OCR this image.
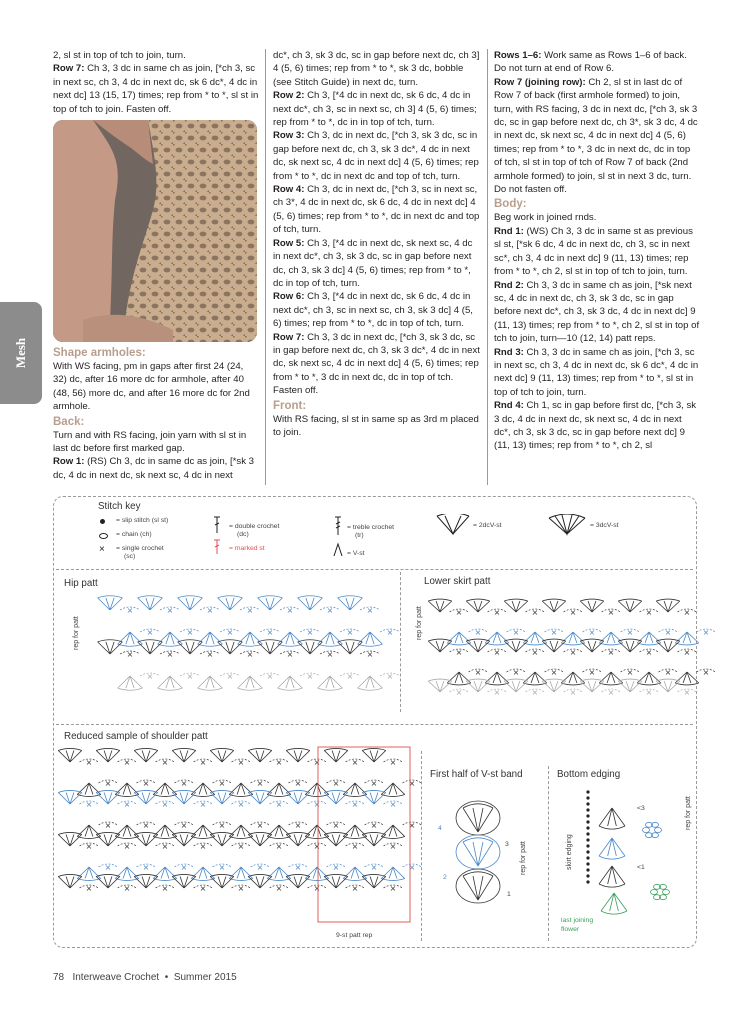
Mesh

2, sl st in top of tch to join, turn.

Row 7: Ch 3, 3 dc in same ch as join, [*ch 3, sc in next sc, ch 3, 4 dc in next dc, sk 6 dc*, 4 dc in next dc] 13 (15, 17) times; rep from * to *, sl st in top of tch to join. Fasten off.

Shape armholes:

With WS facing, pm in gaps after first 24 (24, 32) dc, after 16 more dc for armhole, after 40 (48, 56) more dc, and after 16 more dc for 2nd armhole.

Back:

Turn and with RS facing, join yarn with sl st in last dc before first marked gap.

Row 1: (RS) Ch 3, dc in same dc as join, [*sk 3 dc, 4 dc in next dc, sk next sc, 4 dc in next

dc*, ch 3, sk 3 dc, sc in gap before next dc, ch 3] 4 (5, 6) times; rep from * to *, sk 3 dc, bobble (see Stitch Guide) in next dc, turn.

Row 2: Ch 3, [*4 dc in next dc, sk 6 dc, 4 dc in next dc*, ch 3, sc in next sc, ch 3] 4 (5, 6) times; rep from * to *, dc in in top of tch, turn.

Row 3: Ch 3, dc in next dc, [*ch 3, sk 3 dc, sc in gap before next dc, ch 3, sk 3 dc*, 4 dc in next dc, sk next sc, 4 dc in next dc] 4 (5, 6) times; rep from * to *, dc in next dc and top of tch, turn.

Row 4: Ch 3, dc in next dc, [*ch 3, sc in next sc, ch 3*, 4 dc in next dc, sk 6 dc, 4 dc in next dc] 4 (5, 6) times; rep from * to *, dc in next dc and top of tch, turn.

Row 5: Ch 3, [*4 dc in next dc, sk next sc, 4 dc in next dc*, ch 3, sk 3 dc, sc in gap before next dc, ch 3, sk 3 dc] 4 (5, 6) times; rep from * to *, dc in top of tch, turn.

Row 6: Ch 3, [*4 dc in next dc, sk 6 dc, 4 dc in next dc*, ch 3, sc in next sc, ch 3, sk 3 dc] 4 (5, 6) times; rep from * to *, dc in top of tch, turn.

Row 7: Ch 3, 3 dc in next dc, [*ch 3, sk 3 dc, sc in gap before next dc, ch 3, sk 3 dc*, 4 dc in next dc, sk next sc, 4 dc in next dc] 4 (5, 6) times; rep from * to *, 3 dc in next dc, dc in top of tch. Fasten off.

Front:

With RS facing, sl st in same sp as 3rd m placed to join.

Rows 1–6: Work same as Rows 1–6 of back. Do not turn at end of Row 6.

Row 7 (joining row): Ch 2, sl st in last dc of Row 7 of back (first armhole formed) to join, turn, with RS facing, 3 dc in next dc, [*ch 3, sk 3 dc, sc in gap before next dc, ch 3*, sk 3 dc, 4 dc in next dc, sk next sc, 4 dc in next dc] 4 (5, 6) times; rep from * to *, 3 dc in next dc, dc in top of tch, sl st in top of tch of Row 7 of back (2nd armhole formed) to join, sl st in next 3 dc, turn. Do not fasten off.

Body:

Beg work in joined rnds.

Rnd 1: (WS) Ch 3, 3 dc in same st as previous sl st, [*sk 6 dc, 4 dc in next dc, ch 3, sc in next sc*, ch 3, 4 dc in next dc] 9 (11, 13) times; rep from * to *, ch 2, sl st in top of tch to join, turn.

Rnd 2: Ch 3, 3 dc in same ch as join, [*sk next sc, 4 dc in next dc, ch 3, sk 3 dc, sc in gap before next dc*, ch 3, sk 3 dc, 4 dc in next dc] 9 (11, 13) times; rep from * to *, ch 2, sl st in top of tch to join, turn—10 (12, 14) patt reps.

Rnd 3: Ch 3, 3 dc in same ch as join, [*ch 3, sc in next sc, ch 3, 4 dc in next dc, sk 6 dc*, 4 dc in next dc] 9 (11, 13) times; rep from * to *, sl st in top of tch to join, turn.

Rnd 4: Ch 1, sc in gap before first dc, [*ch 3, sk 3 dc, 4 dc in next dc, sk next sc, 4 dc in next dc*, ch 3, sk 3 dc, sc in gap before next dc] 9 (11, 13) times; rep from * to *, ch 2, sl

Stitch key
= slip stitch (sl st)
= chain (ch)
× = single crochet
(sc)
= double crochet
(dc)
= marked st
= treble crochet
(tr)
= V-st
= 2dcV-st	= 3dcV-st
Hip patt	Lower skirt patt
Reduced sample of shoulder patt
First half of V-st band	Bottom edging
rep for patt	rep for patt
rep for patt
rep for patt
skirt edging
9-st patt rep
last joining
flower
4
3
2
1
<3
<1
×	×	×	×	×	×	×
×	×	×	×	×	×	×
×	×	×	×	×	×	×
×	×	×	×	×	×	×
×	×	×	×	×	×	×
×	×	×	×	×	×	×
×	×	×	×	×	×	×
×	×	×	×	×	×	×
×	×	×	×	×	×	×
×	×	×	×	×	×	×	×	×
×	×	×	×	×	×	×	×	×
×	×	×	×	×	×	×	×	×
×	×	×	×	×	×	×	×	×
×	×	×	×	×	×	×	×	×
×	×	×	×	×	×	×	×	×
×	×	×	×	×	×	×	×	×
78 Interweave Crochet • Summer 2015
